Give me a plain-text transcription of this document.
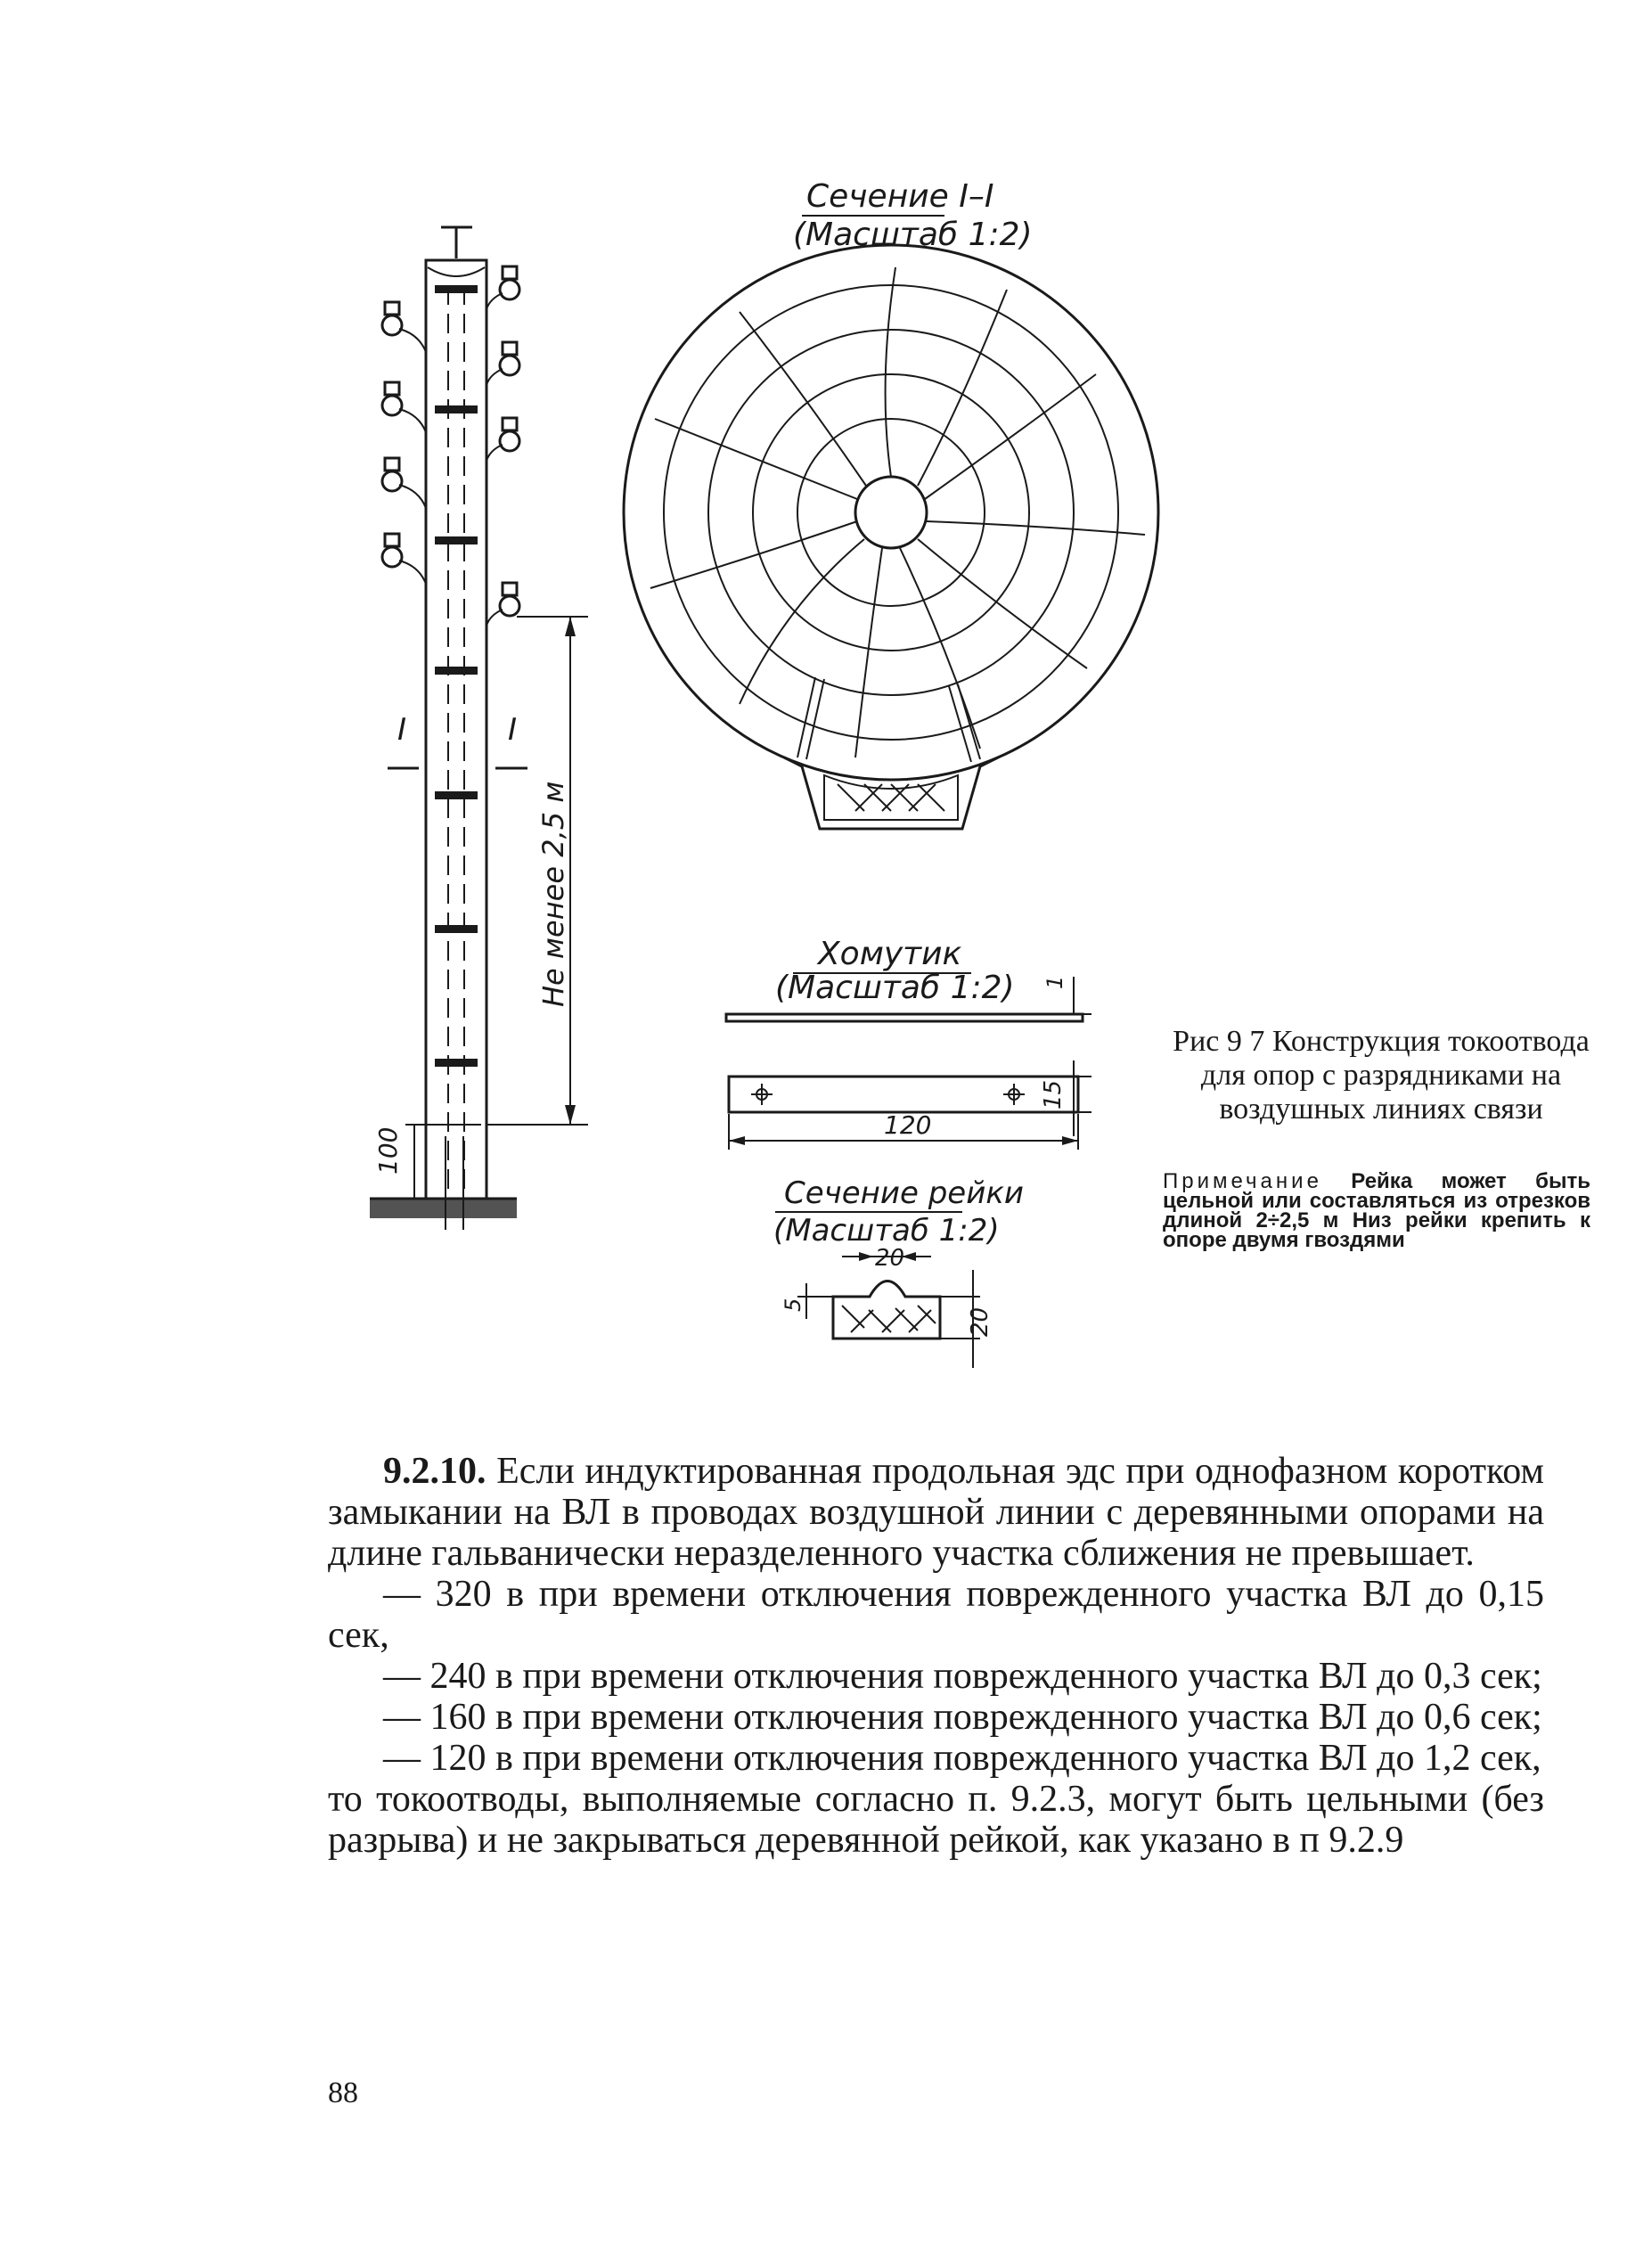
I	I
100
Не менее 2,5 м
Сечение I–I
(Масштаб 1:2)
Хомутик
(Масштаб 1:2) 1
15
120
Сечение рейки
(Масштаб 1:2)
20
5
20
Рис 9 7 Конструкция токоотвода для опор с разрядниками на воздушных линиях связи
Примечание Рейка может быть цельной или составляться из отрезков длиной 2÷2,5 м Низ рейки крепить к опоре двумя гвоздями

9.2.10. Если индуктированная продольная эдс при однофазном коротком замыкании на ВЛ в проводах воздушной линии с деревянными опорами на длине гальванически неразделенного участка сближения не превышает.

— 320 в при времени отключения поврежденного участка ВЛ до 0,15 сек,

— 240 в при времени отключения поврежденного участка ВЛ до 0,3 сек;

— 160 в при времени отключения поврежденного участка ВЛ до 0,6 сек;

— 120 в при времени отключения поврежденного участка ВЛ до 1,2 сек,

то токоотводы, выполняемые согласно п. 9.2.3, могут быть цельными (без разрыва) и не закрываться деревянной рейкой, как указано в п 9.2.9

88
